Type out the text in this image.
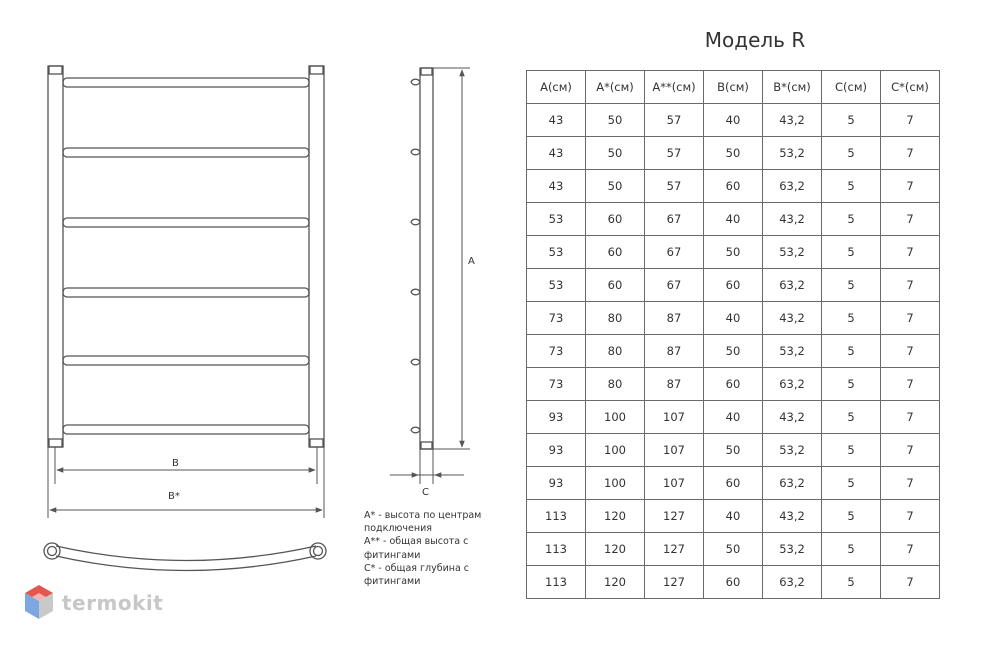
B
B*
A
C
Модель R
A(см)	A*(см)	A**(см)	B(см)	B*(см)	C(см)	C*(см)
43	50	57	40	43,2	5	7
43	50	57	50	53,2	5	7
43	50	57	60	63,2	5	7
53	60	67	40	43,2	5	7
53	60	67	50	53,2	5	7
53	60	67	60	63,2	5	7
73	80	87	40	43,2	5	7
73	80	87	50	53,2	5	7
73	80	87	60	63,2	5	7
93	100	107	40	43,2	5	7
93	100	107	50	53,2	5	7
93	100	107	60	63,2	5	7
113	120	127	40	43,2	5	7
113	120	127	50	53,2	5	7
113	120	127	60	63,2	5	7
A* - высота по центрам
подключения
A** - общая высота с
фитингами
C* - общая глубина с
фитингами
termokit
